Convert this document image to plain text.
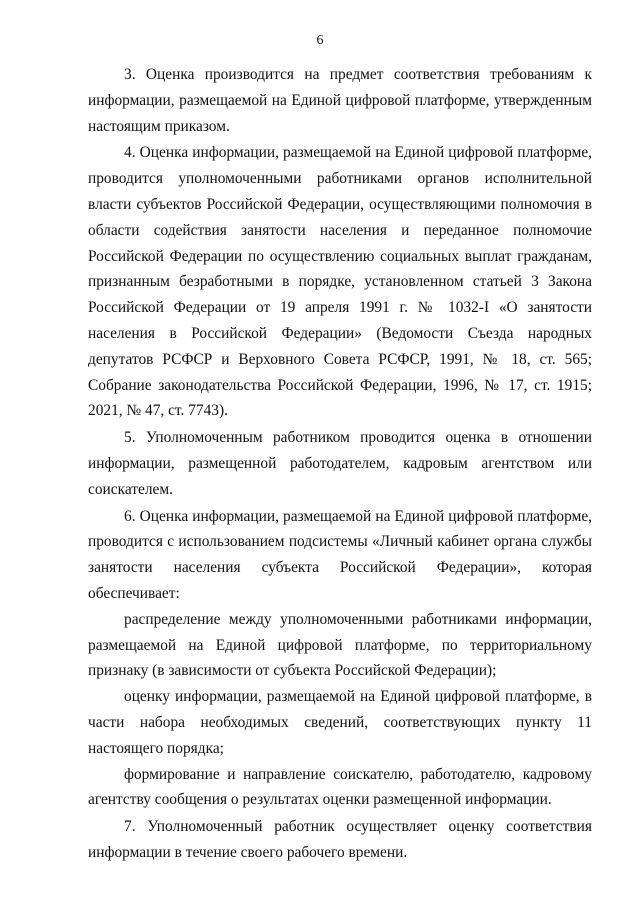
6

3. Оценка производится на предмет соответствия требованиям к информации, размещаемой на Единой цифровой платформе, утвержденным настоящим приказом.

4. Оценка информации, размещаемой на Единой цифровой платформе, проводится уполномоченными работниками органов исполнительной власти субъектов Российской Федерации, осуществляющими полномочия в области содействия занятости населения и переданное полномочие Российской Федерации по осуществлению социальных выплат гражданам, признанным безработными в порядке, установленном статьей 3 Закона Российской Федерации от 19 апреля 1991 г. № 1032-I «О занятости населения в Российской Федерации» (Ведомости Съезда народных депутатов РСФСР и Верховного Совета РСФСР, 1991, № 18, ст. 565; Собрание законодательства Российской Федерации, 1996, № 17, ст. 1915; 2021, № 47, ст. 7743).

5. Уполномоченным работником проводится оценка в отношении информации, размещенной работодателем, кадровым агентством или соискателем.

6. Оценка информации, размещаемой на Единой цифровой платформе, проводится с использованием подсистемы «Личный кабинет органа службы занятости населения субъекта Российской Федерации», которая обеспечивает:

распределение между уполномоченными работниками информации, размещаемой на Единой цифровой платформе, по территориальному признаку (в зависимости от субъекта Российской Федерации);

оценку информации, размещаемой на Единой цифровой платформе, в части набора необходимых сведений, соответствующих пункту 11 настоящего порядка;

формирование и направление соискателю, работодателю, кадровому агентству сообщения о результатах оценки размещенной информации.

7. Уполномоченный работник осуществляет оценку соответствия информации в течение своего рабочего времени.
